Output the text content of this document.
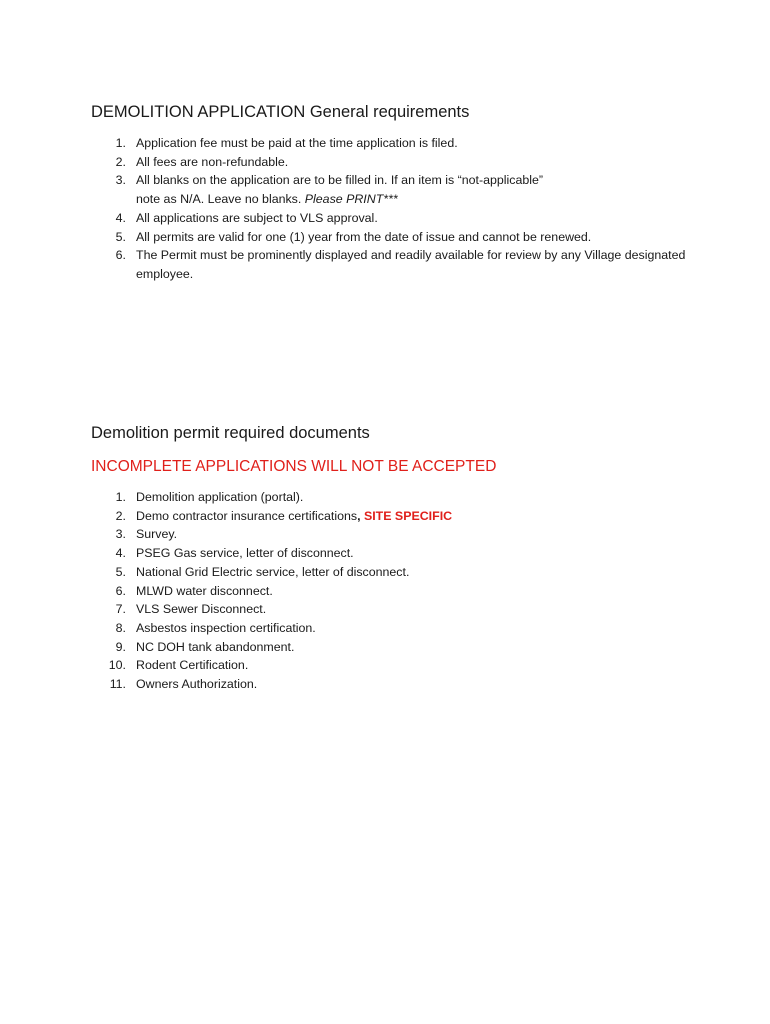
DEMOLITION APPLICATION General requirements
1. Application fee must be paid at the time application is filed.
2. All fees are non-refundable.
3. All blanks on the application are to be filled in. If an item is “not-applicable” note as N/A. Leave no blanks. Please PRINT***
4. All applications are subject to VLS approval.
5. All permits are valid for one (1) year from the date of issue and cannot be renewed.
6. The Permit must be prominently displayed and readily available for review by any Village designated employee.
Demolition permit required documents
INCOMPLETE APPLICATIONS WILL NOT BE ACCEPTED
1. Demolition application (portal).
2. Demo contractor insurance certifications, SITE SPECIFIC
3. Survey.
4. PSEG Gas service, letter of disconnect.
5. National Grid Electric service, letter of disconnect.
6. MLWD water disconnect.
7. VLS Sewer Disconnect.
8. Asbestos inspection certification.
9. NC DOH tank abandonment.
10. Rodent Certification.
11. Owners Authorization.
